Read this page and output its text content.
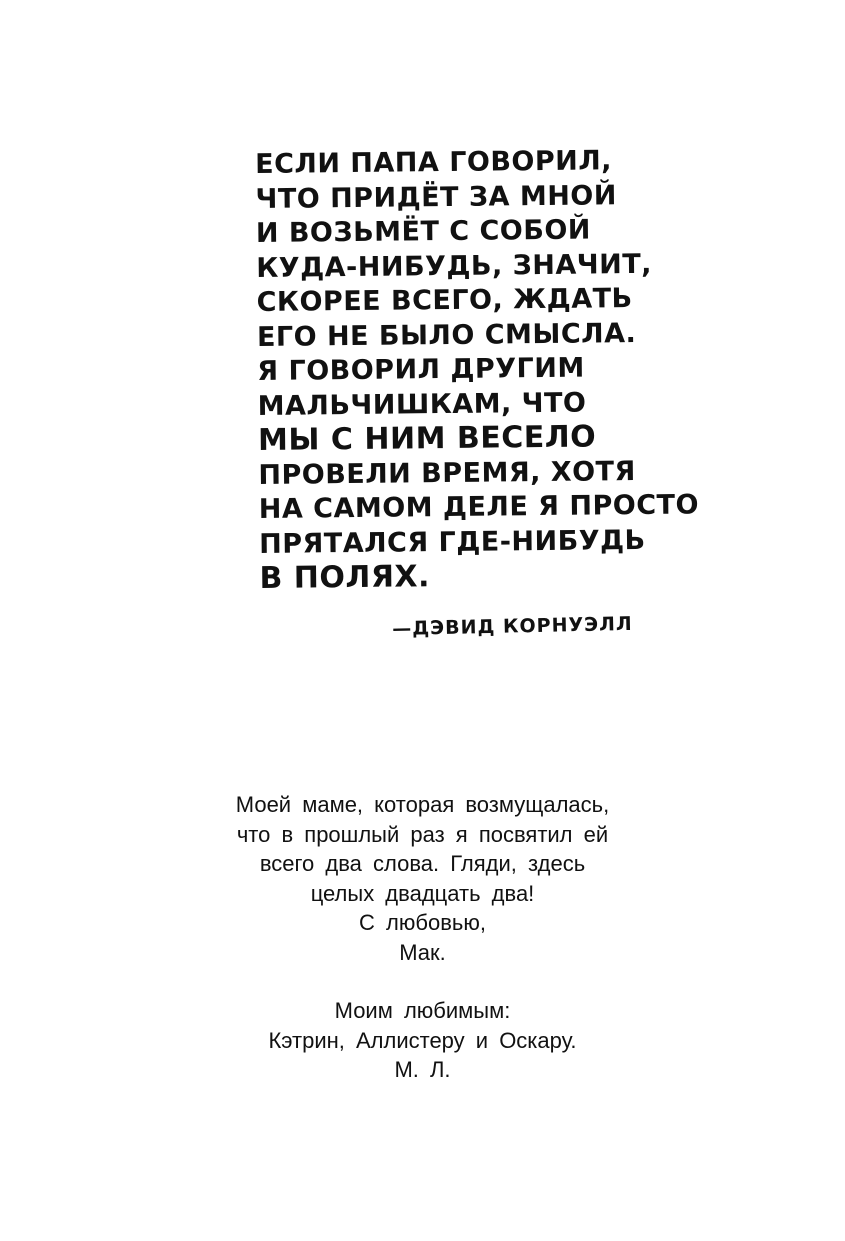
ЕСЛИ ПАПА ГОВОРИЛ,
ЧТО ПРИДЁТ ЗА МНОЙ
И ВОЗЬМЁТ С СОБОЙ
КУДА-НИБУДЬ, ЗНАЧИТ,
СКОРЕЕ ВСЕГО, ЖДАТЬ
ЕГО НЕ БЫЛО СМЫСЛА.
Я ГОВОРИЛ ДРУГИМ
МАЛЬЧИШКАМ, ЧТО
МЫ С НИМ ВЕСЕЛО
ПРОВЕЛИ ВРЕМЯ, ХОТЯ
НА САМОМ ДЕЛЕ Я ПРОСТО
ПРЯТАЛСЯ ГДЕ-НИБУДЬ
В ПОЛЯХ.
—ДЭВИД КОРНУЭЛЛ

Моей маме, которая возмущалась,
что в прошлый раз я посвятил ей
всего два слова. Гляди, здесь
целых двадцать два!
С любовью,
Мак.

Моим любимым:
Кэтрин, Аллистеру и Оскару.
М. Л.
